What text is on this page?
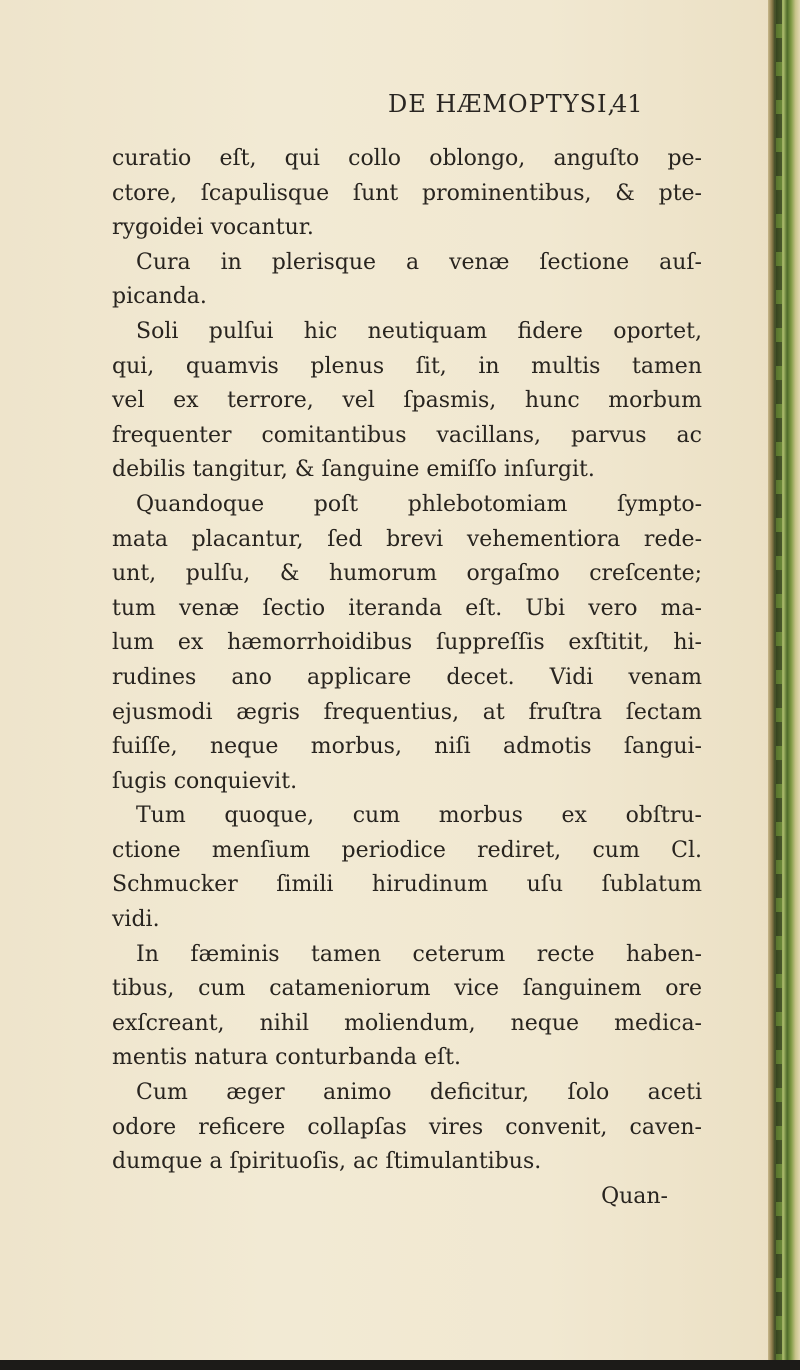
DE HÆMOPTYSI,
41
curatio eſt, qui collo oblongo, anguſto pe-
ctore, ſcapulisque ſunt prominentibus, & pte-
rygoidei vocantur.
Cura in plerisque a venæ ſectione auſ-
picanda.
Soli pulſui hic neutiquam fidere oportet,
qui, quamvis plenus ſit, in multis tamen
vel ex terrore, vel ſpasmis, hunc morbum
frequenter comitantibus vacillans, parvus ac
debilis tangitur, & ſanguine emiſſo inſurgit.
Quandoque poſt phlebotomiam ſympto-
mata placantur, ſed brevi vehementiora rede-
unt, pulſu, & humorum orgaſmo creſcente;
tum venæ ſectio iteranda eſt. Ubi vero ma-
lum ex hæmorrhoidibus ſuppreſſis exſtitit, hi-
rudines ano applicare decet. Vidi venam
ejusmodi ægris frequentius, at fruſtra ſectam
fuiſſe, neque morbus, niſi admotis ſangui-
ſugis conquievit.
Tum quoque, cum morbus ex obſtru-
ctione menſium periodice rediret, cum Cl.
Schmucker ſimili hirudinum uſu ſublatum
vidi.
In fæminis tamen ceterum recte haben-
tibus, cum catameniorum vice ſanguinem ore
exſcreant, nihil moliendum, neque medica-
mentis natura conturbanda eſt.
Cum æger animo deficitur, ſolo aceti
odore reficere collapſas vires convenit, caven-
dumque a ſpirituoſis, ac ſtimulantibus.
Quan-
